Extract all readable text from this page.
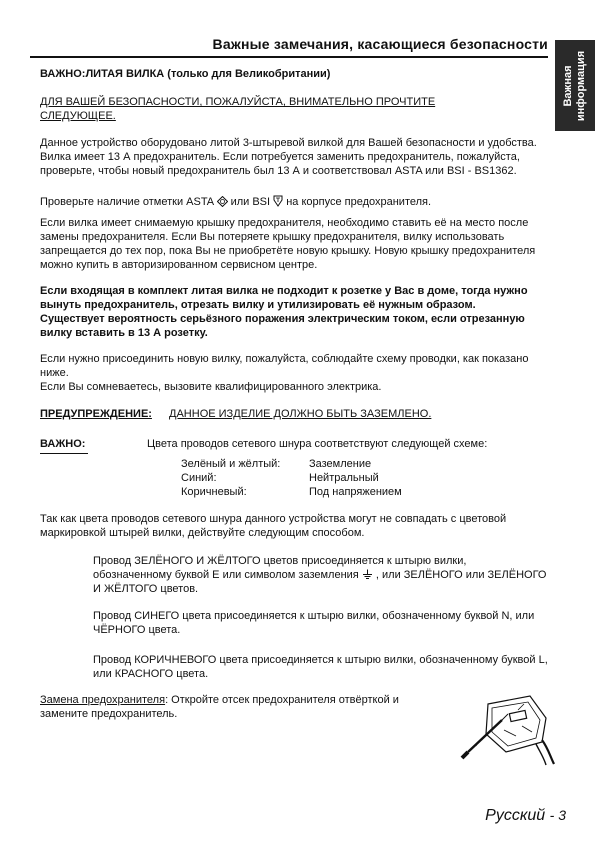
Важные замечания, касающиеся безопасности
Важная
информация

ВАЖНО:ЛИТАЯ ВИЛКА (только для Великобритании)

ДЛЯ ВАШЕЙ БЕЗОПАСНОСТИ, ПОЖАЛУЙСТА, ВНИМАТЕЛЬНО ПРОЧТИТЕ СЛЕДУЮЩЕЕ.

Данное устройство оборудовано литой 3-штыревой вилкой для Вашей безопасности и удобства. Вилка имеет 13 А предохранитель. Если потребуется заменить предохранитель, пожалуйста, проверьте, чтобы новый предохранитель был 13 А и соответствовал ASTA или BSI - BS1362.

Проверьте наличие отметки ASTA или BSI на корпусе предохранителя.

Если вилка имеет снимаемую крышку предохранителя, необходимо ставить её на место после замены предохранителя. Если Вы потеряете крышку предохранителя, вилку использовать запрещается до тех пор, пока Вы не приобретёте новую крышку. Новую крышку предохранителя можно купить в авторизированном сервисном центре.

Если входящая в комплект литая вилка не подходит к розетке у Вас в доме, тогда нужно вынуть предохранитель, отрезать вилку и утилизировать её нужным образом. Существует вероятность серьёзного поражения электрическим током, если отрезанную вилку вставить в 13 А розетку.

Если нужно присоединить новую вилку, пожалуйста, соблюдайте схему проводки, как показано ниже.
Если Вы сомневаетесь, вызовите квалифицированного электрика.

ПРЕДУПРЕЖДЕНИЕ: ДАННОЕ ИЗДЕЛИЕ ДОЛЖНО БЫТЬ ЗАЗЕМЛЕНО.

ВАЖНО:	Цвета проводов сетевого шнура соответствуют следующей схеме:

Зелёный и жёлтый:	Заземление
Синий:	Нейтральный
Коричневый:	Под напряжением

Так как цвета проводов сетевого шнура данного устройства могут не совпадать с цветовой маркировкой штырей вилки, действуйте следующим способом.

Провод ЗЕЛЁНОГО И ЖЁЛТОГО цветов присоединяется к штырю вилки, обозначенному буквой E или символом заземления , или ЗЕЛЁНОГО или ЗЕЛЁНОГО И ЖЁЛТОГО цветов.

Провод СИНЕГО цвета присоединяется к штырю вилки, обозначенному буквой N, или ЧЁРНОГО цвета.

Провод КОРИЧНЕВОГО цвета присоединяется к штырю вилки, обозначенному буквой L, или КРАСНОГО цвета.

Замена предохранителя: Откройте отсек предохранителя отвёрткой и замените предохранитель.

Русский - 3
